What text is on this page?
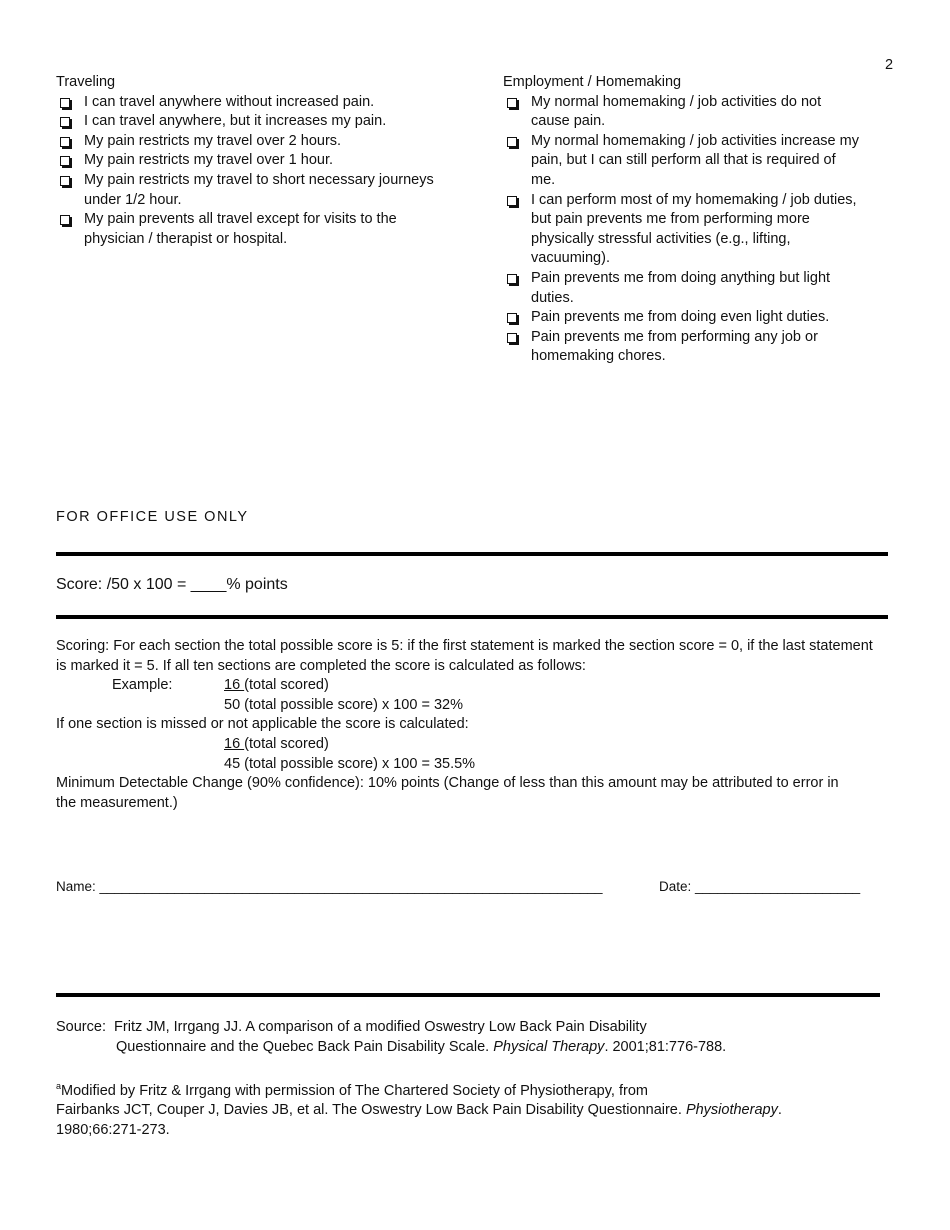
2
Traveling
I can travel anywhere without increased pain.
I can travel anywhere, but it increases my pain.
My pain restricts my travel over 2 hours.
My pain restricts my travel over 1 hour.
My pain restricts my travel to short necessary journeys under 1/2 hour.
My pain prevents all travel except for visits to the physician / therapist or hospital.
Employment / Homemaking
My normal homemaking / job activities do not cause pain.
My normal homemaking / job activities increase my pain, but I can still perform all that is required of me.
I can perform most of my homemaking / job duties, but pain prevents me from performing more physically stressful activities (e.g., lifting, vacuuming).
Pain prevents me from doing anything but light duties.
Pain prevents me from doing even light duties.
Pain prevents me from performing any job or homemaking chores.
FOR OFFICE USE ONLY
Score: /50 x 100 = ____% points
Scoring: For each section the total possible score is 5: if the first statement is marked the section score = 0, if the last statement is marked it = 5. If all ten sections are completed the score is calculated as follows:
Example:	16 (total scored)
50 (total possible score) x 100 = 32%
If one section is missed or not applicable the score is calculated:
16 (total scored)
45 (total possible score) x 100 = 35.5%
Minimum Detectable Change (90% confidence): 10% points (Change of less than this amount may be attributed to error in the measurement.)
Name: ___________________________________________________________________	Date: ______________________
Source: Fritz JM, Irrgang JJ. A comparison of a modified Oswestry Low Back Pain Disability
Questionnaire and the Quebec Back Pain Disability Scale. Physical Therapy. 2001;81:776-788.
$^a$Modified by Fritz & Irrgang with permission of The Chartered Society of Physiotherapy, from
Fairbanks JCT, Couper J, Davies JB, et al. The Oswestry Low Back Pain Disability Questionnaire. Physiotherapy.
1980;66:271-273.
